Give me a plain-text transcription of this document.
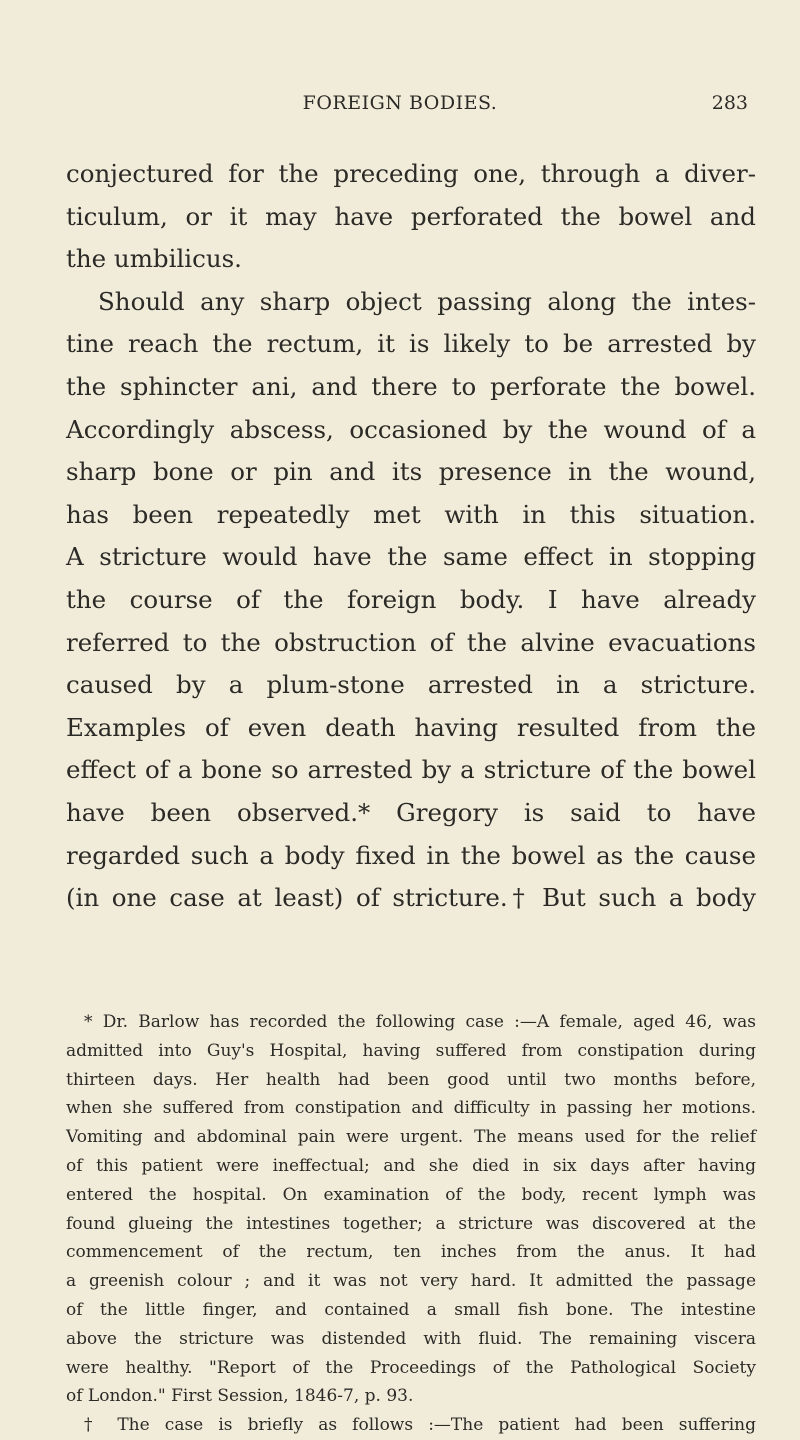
FOREIGN BODIES.	283
conjectured for the preceding one, through a diver-
ticulum, or it may have perforated the bowel and
the umbilicus.
Should any sharp object passing along the intes-
tine reach the rectum, it is likely to be arrested by
the sphincter ani, and there to perforate the bowel.
Accordingly abscess, occasioned by the wound of a
sharp bone or pin and its presence in the wound,
has been repeatedly met with in this situation.
A stricture would have the same effect in stopping
the course of the foreign body. I have already
referred to the obstruction of the alvine evacuations
caused by a plum-stone arrested in a stricture.
Examples of even death having resulted from the
effect of a bone so arrested by a stricture of the bowel
have been observed.* Gregory is said to have
regarded such a body fixed in the bowel as the cause
(in one case at least) of stricture.† But such a body
* Dr. Barlow has recorded the following case :—A female, aged 46, was
admitted into Guy's Hospital, having suffered from constipation during
thirteen days. Her health had been good until two months before,
when she suffered from constipation and difficulty in passing her motions.
Vomiting and abdominal pain were urgent. The means used for the relief
of this patient were ineffectual; and she died in six days after having
entered the hospital. On examination of the body, recent lymph was
found glueing the intestines together; a stricture was discovered at the
commencement of the rectum, ten inches from the anus. It had
a greenish colour ; and it was not very hard. It admitted the passage
of the little finger, and contained a small fish bone. The intestine
above the stricture was distended with fluid. The remaining viscera
were healthy. "Report of the Proceedings of the Pathological Society
of London." First Session, 1846-7, p. 93.
† The case is briefly as follows :—The patient had been suffering
